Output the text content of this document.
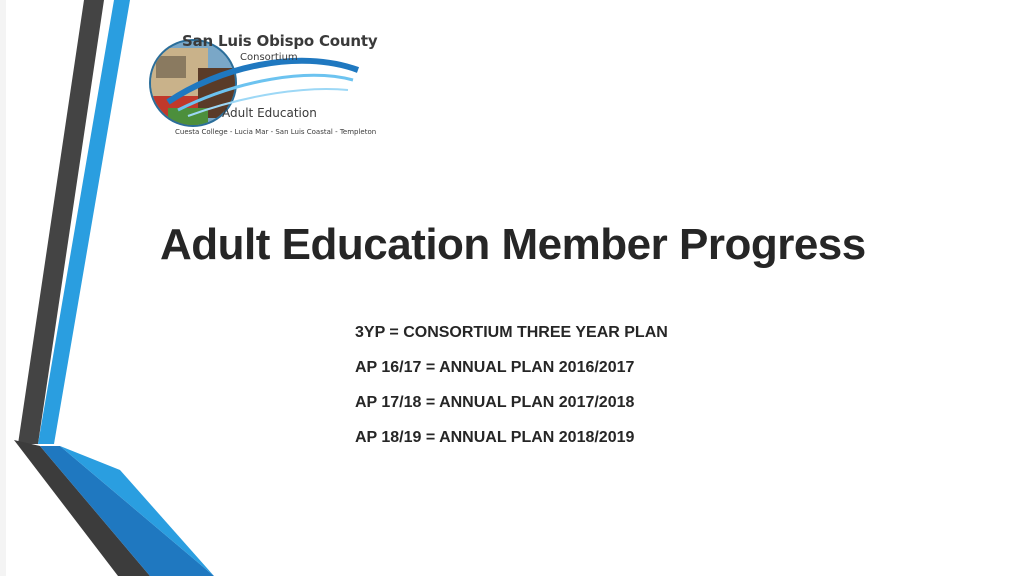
San Luis Obispo County
Consortium
Adult Education
Cuesta College - Lucia Mar - San Luis Coastal - Templeton
Adult Education Member Progress
3YP = CONSORTIUM THREE YEAR PLAN
AP 16/17 = ANNUAL PLAN 2016/2017
AP 17/18 = ANNUAL PLAN 2017/2018
AP 18/19 = ANNUAL PLAN 2018/2019
